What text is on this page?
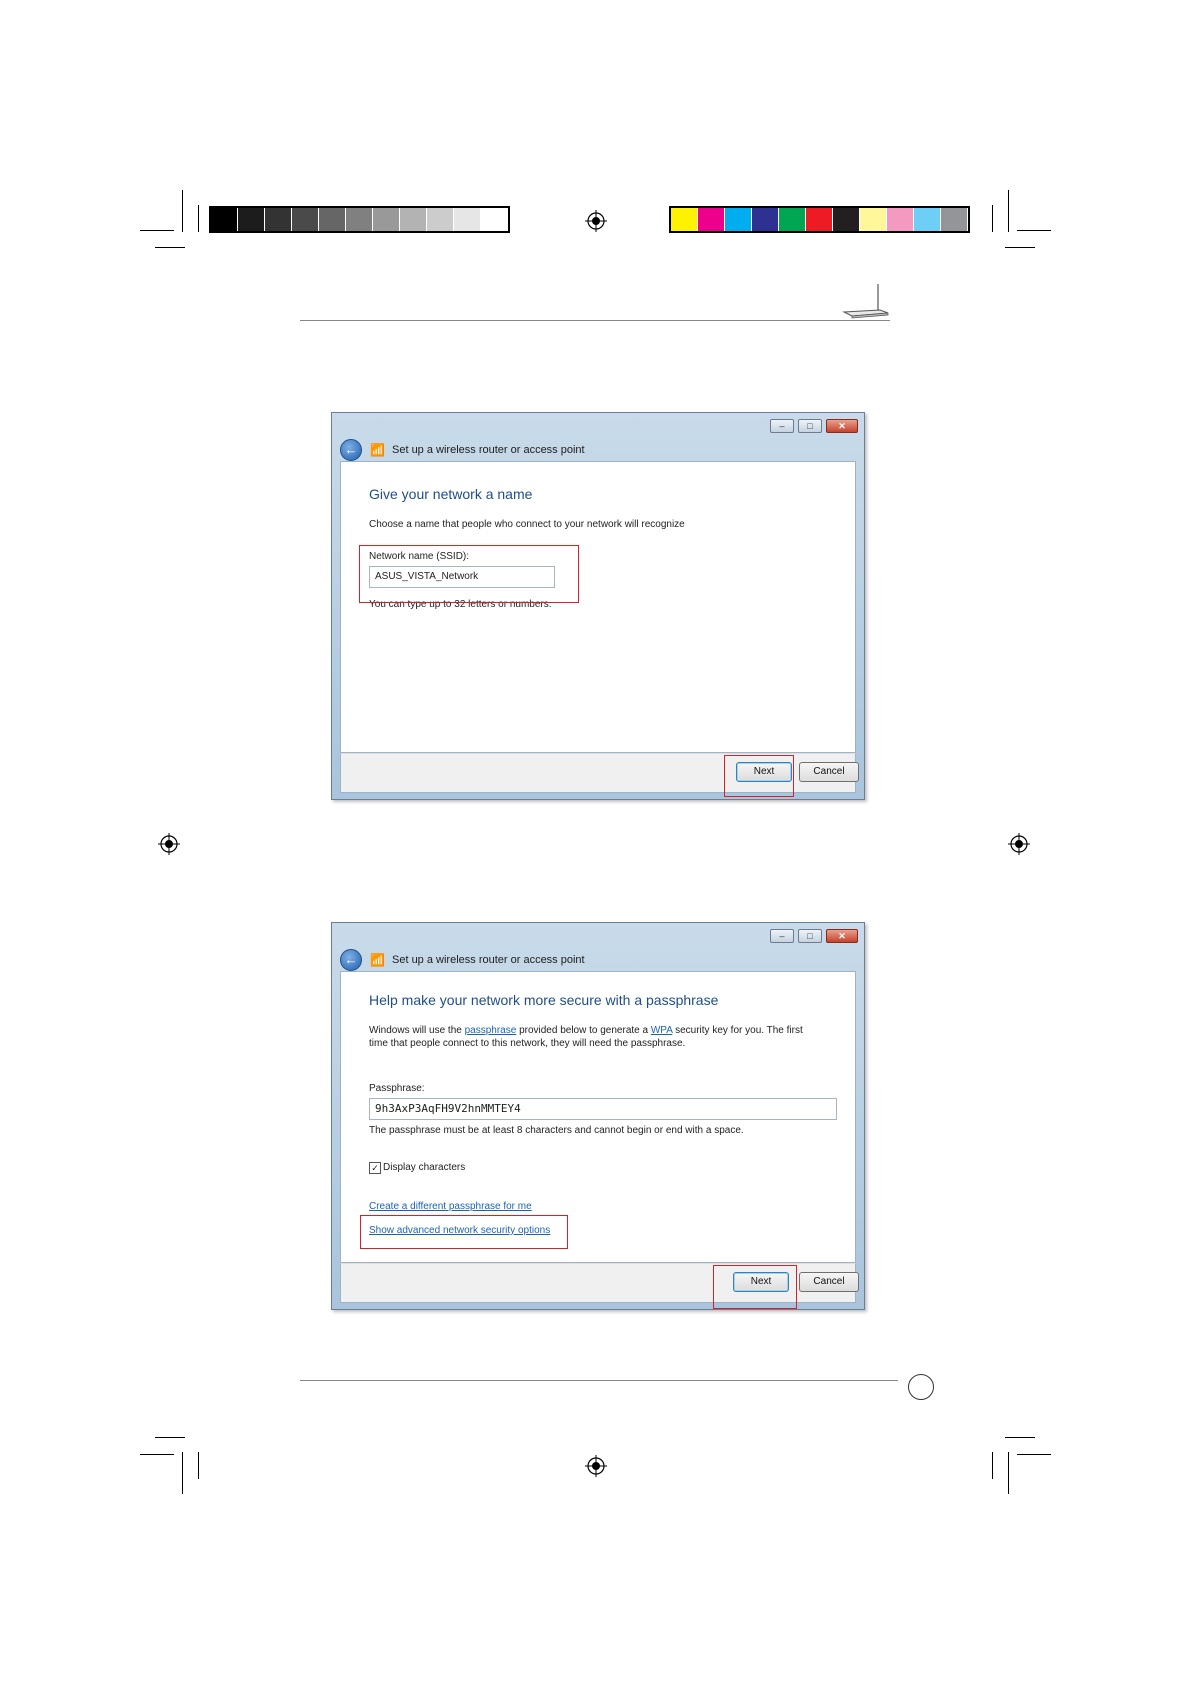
–	□	✕
←	📶 Set up a wireless router or access point
Give your network a name
Choose a name that people who connect to your network will recognize
Network name (SSID):
ASUS_VISTA_Network
You can type up to 32 letters or numbers.
Next	Cancel
–	□	✕
←	📶 Set up a wireless router or access point
Help make your network more secure with a passphrase
Windows will use the passphrase provided below to generate a WPA security key for you. The first
time that people connect to this network, they will need the passphrase.
Passphrase:
9h3AxP3AqFH9V2hnMMTEY4
The passphrase must be at least 8 characters and cannot begin or end with a space.
✓ Display characters
Create a different passphrase for me
Show advanced network security options
Next	Cancel
